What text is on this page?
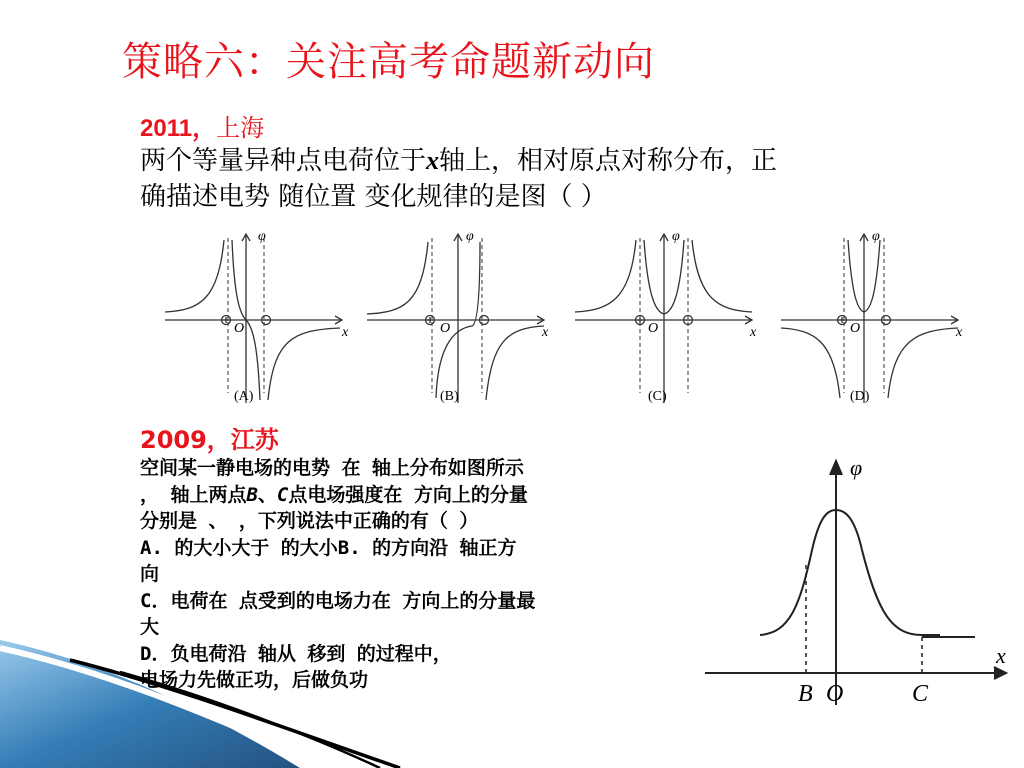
策略六：关注高考命题新动向
2011，上海
两个等量异种点电荷位于x轴上，相对原点对称分布，正
确描述电势 随位置 变化规律的是图（ ）
φ
x
O
(A)
φ
x
O
(B)
φ
x
O
(C)
φ
x
O
(D)
2009，江苏
空间某一静电场的电势 在 轴上分布如图所示
， 轴上两点B、C点电场强度在 方向上的分量
分别是 、 ，下列说法中正确的有（ ）
A. 的大小大于 的大小B. 的方向沿 轴正方
向
C．电荷在 点受到的电场力在 方向上的分量最
大
D．负电荷沿 轴从 移到 的过程中，
电场力先做正功，后做负功
φ
x
B O	C
